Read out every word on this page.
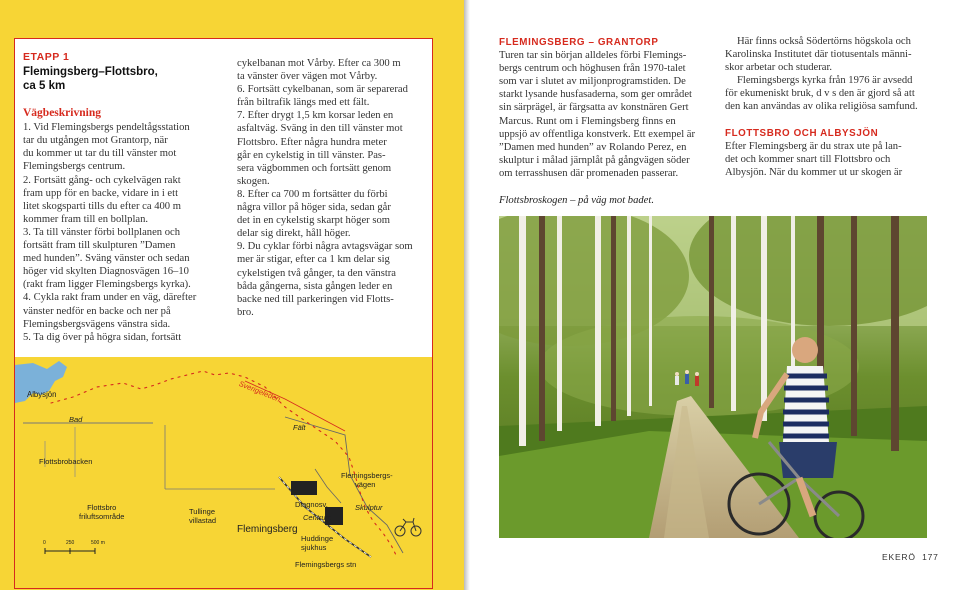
ETAPP 1
Flemingsberg–Flottsbro,
ca 5 km
Vägbeskrivning
1. Vid Flemingsbergs pendeltågsstation
tar du utgången mot Grantorp, när
du kommer ut tar du till vänster mot
Flemingsbergs centrum.
2. Fortsätt gång- och cykelvägen rakt
fram upp för en backe, vidare in i ett
litet skogsparti tills du efter ca 400 m
kommer fram till en bollplan.
3. Ta till vänster förbi bollplanen och
fortsätt fram till skulpturen ”Damen
med hunden”. Sväng vänster och sedan
höger vid skylten Diagnosvägen 16–10
(rakt fram ligger Flemingsbergs kyrka).
4. Cykla rakt fram under en väg, därefter
vänster nedför en backe och ner på
Flemingsbergsvägens vänstra sida.
5. Ta dig över på högra sidan, fortsätt
cykelbanan mot Vårby. Efter ca 300 m
ta vänster över vägen mot Vårby.
6. Fortsätt cykelbanan, som är separerad
från biltrafik längs med ett fält.
7. Efter drygt 1,5 km korsar leden en
asfaltväg. Sväng in den till vänster mot
Flottsbro. Efter några hundra meter
går en cykelstig in till vänster. Pas-
sera vägbommen och fortsätt genom
skogen.
8. Efter ca 700 m fortsätter du förbi
några villor på höger sida, sedan går
det in en cykelstig skarpt höger som
delar sig direkt, håll höger.
9. Du cyklar förbi några avtagsvägar som
mer är stigar, efter ca 1 km delar sig
cykelstigen två gånger, ta den vänstra
båda gångerna, sista gången leder en
backe ned till parkeringen vid Flotts-
bro.
Albysjön
Bad
Flottsbrobacken
Flottsbro
friluftsområde
Tullinge
villastad
Sverigeleden
Fält
Flemingsbergs-
vägen
Diagnosv.	Skulptur
Centrum
Flemingsberg
Huddinge
sjukhus
Flemingsbergs stn
0	250	500 m
FLEMINGSBERG – GRANTORP
Turen tar sin början alldeles förbi Flemings-
bergs centrum och höghusen från 1970-talet
som var i slutet av miljonprogramstiden. De
starkt lysande husfasaderna, som ger området
sin särprägel, är färgsatta av konstnären Gert
Marcus. Runt om i Flemingsberg finns en
uppsjö av offentliga konstverk. Ett exempel är
”Damen med hunden” av Rolando Perez, en
skulptur i målad järnplåt på gångvägen söder
om terrasshusen där promenaden passerar.
Här finns också Södertörns högskola och
Karolinska Institutet där tiotusentals männi-
skor arbetar och studerar.
Flemingsbergs kyrka från 1976 är avsedd
för ekumeniskt bruk, d v s den är gjord så att
den kan användas av olika religiösa samfund.
FLOTTSBRO OCH ALBYSJÖN
Efter Flemingsberg är du strax ute på lan-
det och kommer snart till Flottsbro och
Albysjön. När du kommer ut ur skogen är
Flottsbroskogen – på väg mot badet.
EKERÖ 177
